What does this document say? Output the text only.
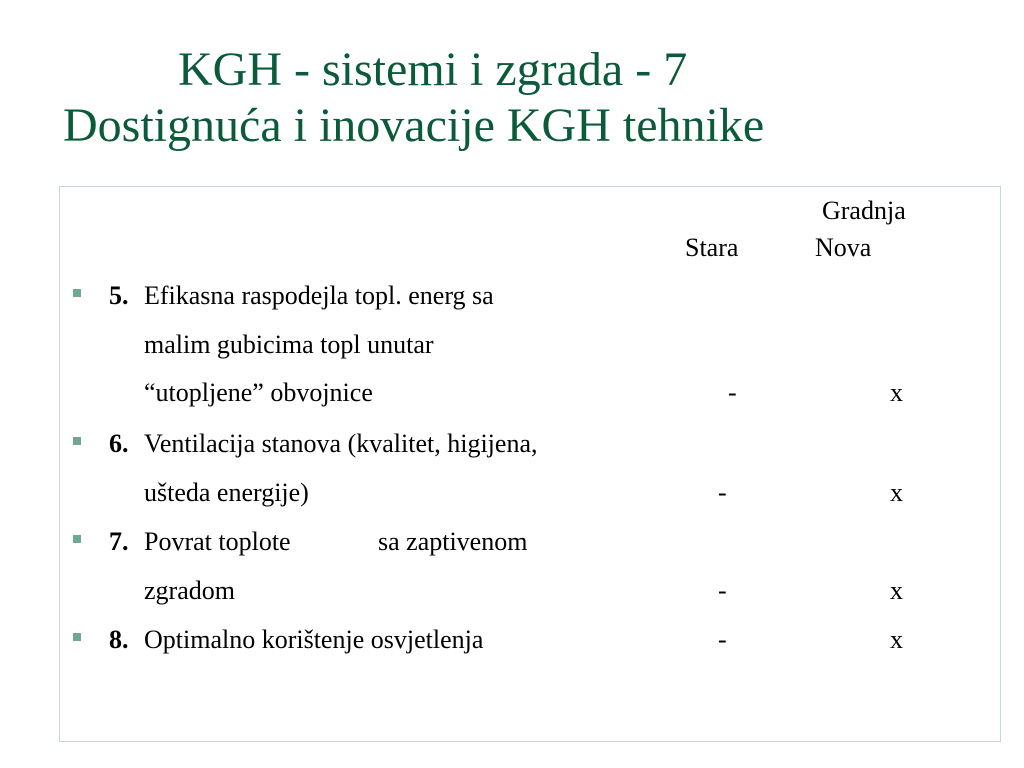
KGH - sistemi i zgrada - 7
Dostignuća i inovacije KGH tehnike
Gradnja
Stara	Nova
5. Efikasna raspodejla topl. energ sa
malim gubicima topl unutar
“utopljene” obvojnice	-	x
6. Ventilacija stanova (kvalitet, higijena,
ušteda energije)	-	x
7. Povrat toplote	sa zaptivenom
zgradom	-	x
8. Optimalno korištenje osvjetlenja	-	x
